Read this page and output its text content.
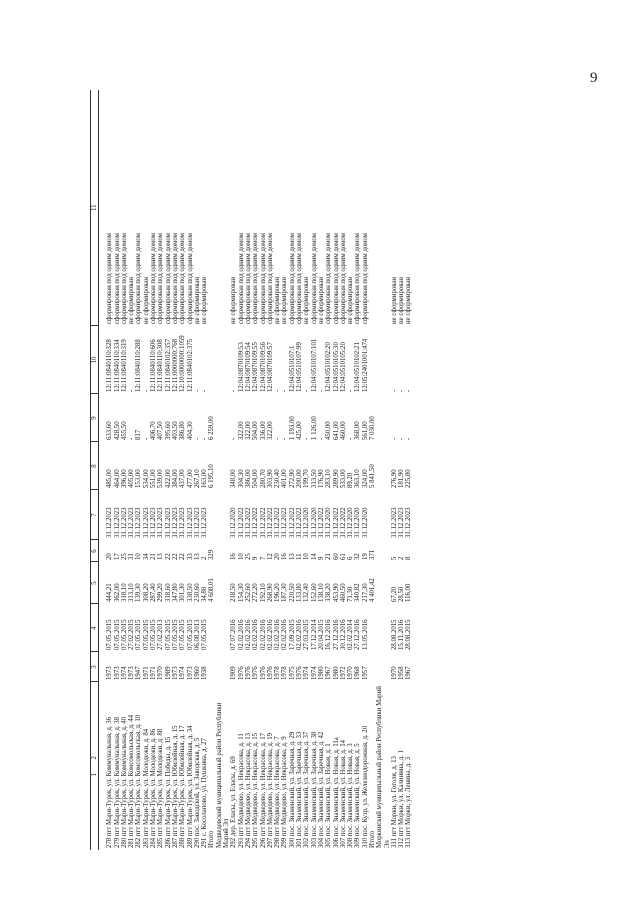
9
1        2	3	4	5	6	7	8	9	10	11

278 пгт Мари-Турек, ул. Коммунальная, д. 36	1973	07.05.2015	444,21	20	31.12.2023	485,00	633,60	12:11:0840110:328	сформирован под одним домом
279 пгт Мари-Турек, ул. Коммунальная, д. 38	1973	07.05.2015	362,00	17	31.12.2023	464,00	428,50	12:11:0840110:334	сформирован под одним домом
280 пгт Мари-Турек, ул. Коммунальная, д. 40	1974	07.05.2015	318,10	25	31.12.2023	396,00	455,50	12:11:0840110:319	сформирован под одним домом
281 пгт Мари-Турек, ул. Комсомольская, д. 44	1973	27.02.2015	313,10	31	31.12.2023	405,00	-	-	не сформирован
282 пгт Мари-Турек, ул. Комсомольская, д. 10	1947	07.05.2015	139,30	10	31.12.2023	153,00	817	12:11:0840110:288	сформирован под одним домом
283 пгт Мари-Турек, ул. Молодежи, д. 84	1971	07.05.2015	308,20	34	31.12.2023	534,00	-	-	не сформирован
284 пгт Мари-Турек, ул. Молодежи, д. 86	1971	07.05.2015	287,40	21	31.12.2023	551,00	406,70	12:11:0840110:606	сформирован под одним домом
285 пгт Мари-Турек, ул. Молодежи, д. 88	1970	27.02.2013	299,20	13	31.12.2023	539,00	407,50	12:11:0840110:308	сформирован под одним домом
286 пгт Мари-Турек, ул. Победы, д. 15	1989	07.05.2015	318,60	22	31.12.2023	422,00	395,60	12:11:0840102:357	сформирован под одним домом
287 пгт Мари-Турек, ул. Юбилейная, д. 15	1973	07.05.2015	347,80	22	31.12.2023	384,00	403,50	12:11:0000000:768	сформирован под одним домом
288 пгт Мари-Турек, ул. Юбилейная, д. 17	1974	07.05.2015	301,30	22	31.12.2023	437,00	386,80	12:10:0000000:1059	сформирован под одним домом
289 пгт Мари-Турек, ул. Юбилейная, д. 34	1973	07.05.2015	338,50	33	31.12.2023	477,00	404,30	12:11:0840102:375	сформирован под одним домом
290 пос. Заводской, ул. Заводская, д. 5	1960	06.08.2013	230,60	13	31.12.2023	267,10	-	-	не сформирован
291 с. Косолапово, ул. Пушкина, д. 27	1938	07.05.2015	34,80	2	31.12.2023	163,00	-	-	не сформирован
Итого			4 608,01	329		6 195,10	6 259,00		
Медведевский муниципальный район Республики Марий Эл									
292 дер. Еласы, ул. Еласы, д. 69	1909	07.07.2016	218,50	16	31.12.2020	348,00	-	-	не сформирован
293 пгт Медведево, ул. Некрасова, д. 11	1976	02.02.2016	154,30	10	31.12.2022	304,30	322,00	12:04:0870109:53	сформирован под одним домом
294 пгт Медведево, ул. Некрасова, д. 13	1976	02.02.2016	252,60	25	31.12.2022	386,00	322,00	12:04:0870109:54	сформирован под одним домом
295 пгт Медведево, ул. Некрасова, д. 15	1976	02.02.2016	272,20	9	31.12.2022	504,00	504,00	12:04:0870109:55	сформирован под одним домом
296 пгт Медведево, ул. Некрасова, д. 17	1976	02.02.2016	192,10	7	31.12.2022	280,70	336,00	12:04:0870109:56	сформирован под одним домом
297 пгт Медведево, ул. Некрасова, д. 19	1976	02.02.2016	268,90	12	31.12.2022	303,90	322,00	12:04:0870109:57	сформирован под одним домом
298 пгт Медведево, ул. Некрасова, д. 7	1978	02.02.2016	196,20	20	31.12.2022	230,40	-	-	не сформирован
299 пгт Медведево, ул. Некрасова, д. 9	1978	02.02.2016	187,30	16	31.12.2022	401,00	-	-	не сформирован
300 пос. Знаменский, ул. Заречная, д. 29	1975	17.09.2015	220,50	13	31.12.2022	272,90	1 193,00	12:04:0510107:1	сформирован под одним домом
301 пос. Знаменский, ул. Заречная, д. 33	1976	02.02.2016	133,80	11	31.12.2022	200,00	425,00	12:04:0510107:99	сформирован под одним домом
302 пос. Знаменский, ул. Заречная, д. 37	1974	27.03.2015	132,40	10	31.12.2020	199,70	-	-	не сформирован
303 пос. Знаменский, ул. Заречная, д. 38	1974	17.12.2014	152,60	14	31.12.2020	313,50	1 126,00	12:04:0510107:101	сформирован под одним домом
304 пос. Знаменский, ул. Заречная, д. 42	1980	20.04.2015	138,10	9	31.12.2022	176,90	-	-	не сформирован
305 пос. Знаменский, ул. Новая, д. 1	1967	16.12.2016	338,20	21	31.12.2020	283,10	450,00	12:04:0510102:20	сформирован под одним домом
306 пос. Знаменский, ул. Новая, д. 11а	1980	27.12.2016	453,90	60	31.12.2022	289,90	641,00	12:04:0510105:30	сформирован под одним домом
307 пос. Знаменский, ул. Новая, д. 14	1972	30.12.2016	460,50	61	31.12.2022	533,00	460,00	12:04:0510105:20	сформирован под одним домом
308 пос. Знаменский, ул. Новая, д. 3	1970	02.02.2014	71,30	6	31.12.2020	89,20	-	-	не сформирован
309 пос. Знаменский, ул. Новая, д. 5	1968	27.12.2016	340,82	32	31.12.2020	363,10	368,00	12:04:0510102:21	сформирован под одним домом
310 пос. Кузр, ул. Железнодорожная, д. 20	1957	13.05.2016	217,30	19	31.12.2020	324,00	561,00	12:05:2401001:474	сформирован под одним домом
Итого			4 401,42	371		5 841,50	7 030,00		
Моркинский муниципальный район Республики Марий Эл									
311 пгт Морки, ул. Гоголя, д. 13	1970	28.08.2015	67,20	5	31.12.2023	276,90	-	-	не сформирован
312 пгт Морки, ул. Калинина, д. 1	1958	15.11.2016	28,50	2	31.12.2023	181,90	-	-	не сформирован
313 пгт Морки, ул. Ленина, д. 3	1967	28.08.2015	116,00	8	31.12.2023	225,80	-	-	не сформирован
